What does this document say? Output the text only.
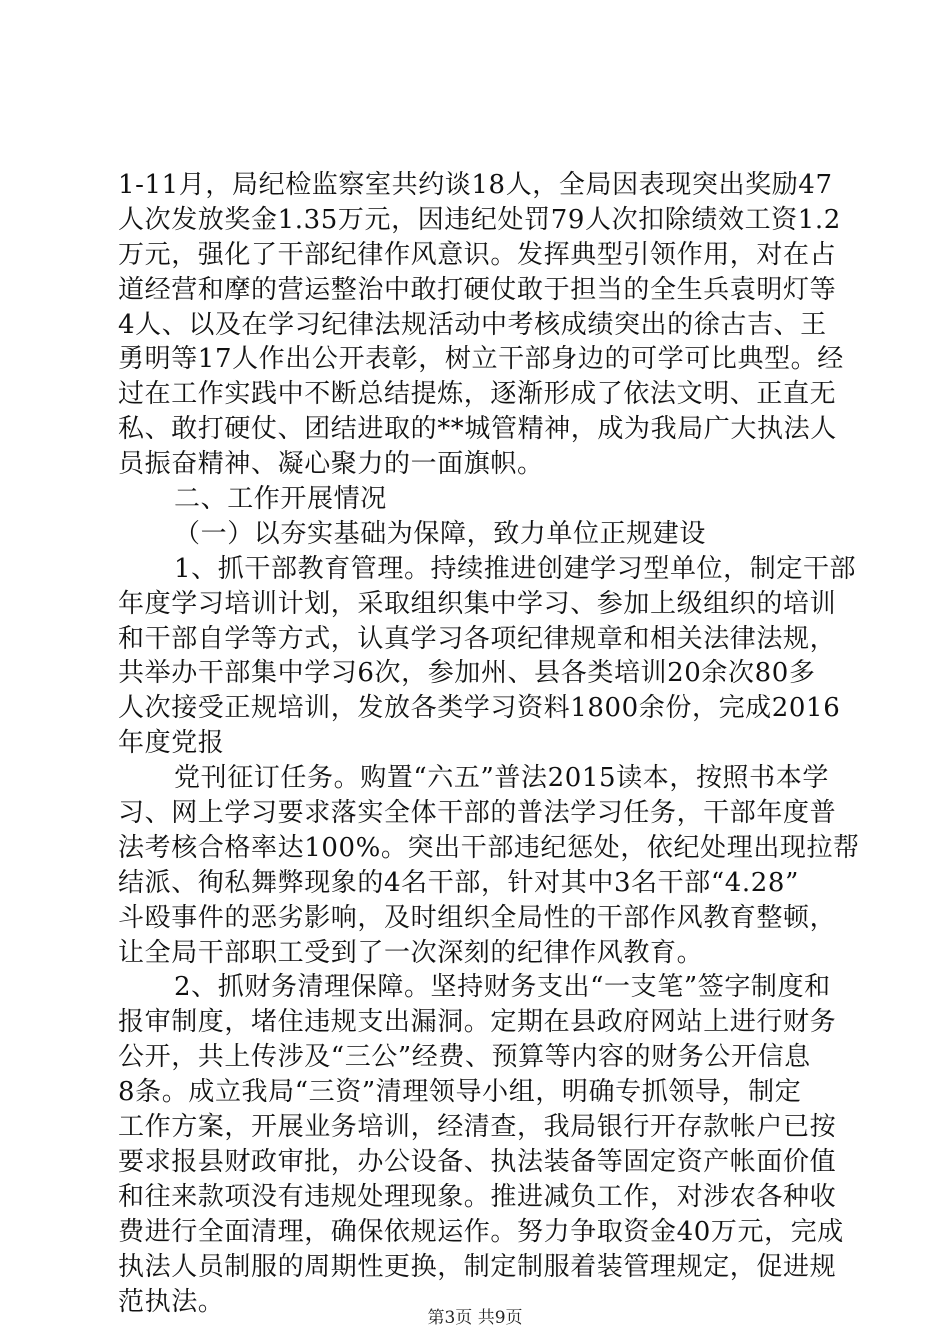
1-11月，局纪检监察室共约谈18人，全局因表现突出奖励47
人次发放奖金1.35万元，因违纪处罚79人次扣除绩效工资1.2
万元，强化了干部纪律作风意识。发挥典型引领作用，对在占
道经营和摩的营运整治中敢打硬仗敢于担当的全生兵袁明灯等
4人、以及在学习纪律法规活动中考核成绩突出的徐古吉、王
勇明等17人作出公开表彰，树立干部身边的可学可比典型。经
过在工作实践中不断总结提炼，逐渐形成了依法文明、正直无
私、敢打硬仗、团结进取的**城管精神，成为我局广大执法人
员振奋精神、凝心聚力的一面旗帜。
二、工作开展情况
（一）以夯实基础为保障，致力单位正规建设
1、抓干部教育管理。持续推进创建学习型单位，制定干部
年度学习培训计划，采取组织集中学习、参加上级组织的培训
和干部自学等方式，认真学习各项纪律规章和相关法律法规，
共举办干部集中学习6次，参加州、县各类培训20余次80多
人次接受正规培训，发放各类学习资料1800余份，完成2016
年度党报
党刊征订任务。购置“六五”普法2015读本，按照书本学
习、网上学习要求落实全体干部的普法学习任务，干部年度普
法考核合格率达100%。突出干部违纪惩处，依纪处理出现拉帮
结派、徇私舞弊现象的4名干部，针对其中3名干部“4.28”
斗殴事件的恶劣影响，及时组织全局性的干部作风教育整顿，
让全局干部职工受到了一次深刻的纪律作风教育。
2、抓财务清理保障。坚持财务支出“一支笔”签字制度和
报审制度，堵住违规支出漏洞。定期在县政府网站上进行财务
公开，共上传涉及“三公”经费、预算等内容的财务公开信息
8条。成立我局“三资”清理领导小组，明确专抓领导，制定
工作方案，开展业务培训，经清查，我局银行开存款帐户已按
要求报县财政审批，办公设备、执法装备等固定资产帐面价值
和往来款项没有违规处理现象。推进减负工作，对涉农各种收
费进行全面清理，确保依规运作。努力争取资金40万元，完成
执法人员制服的周期性更换，制定制服着装管理规定，促进规
范执法。
第3页 共9页
